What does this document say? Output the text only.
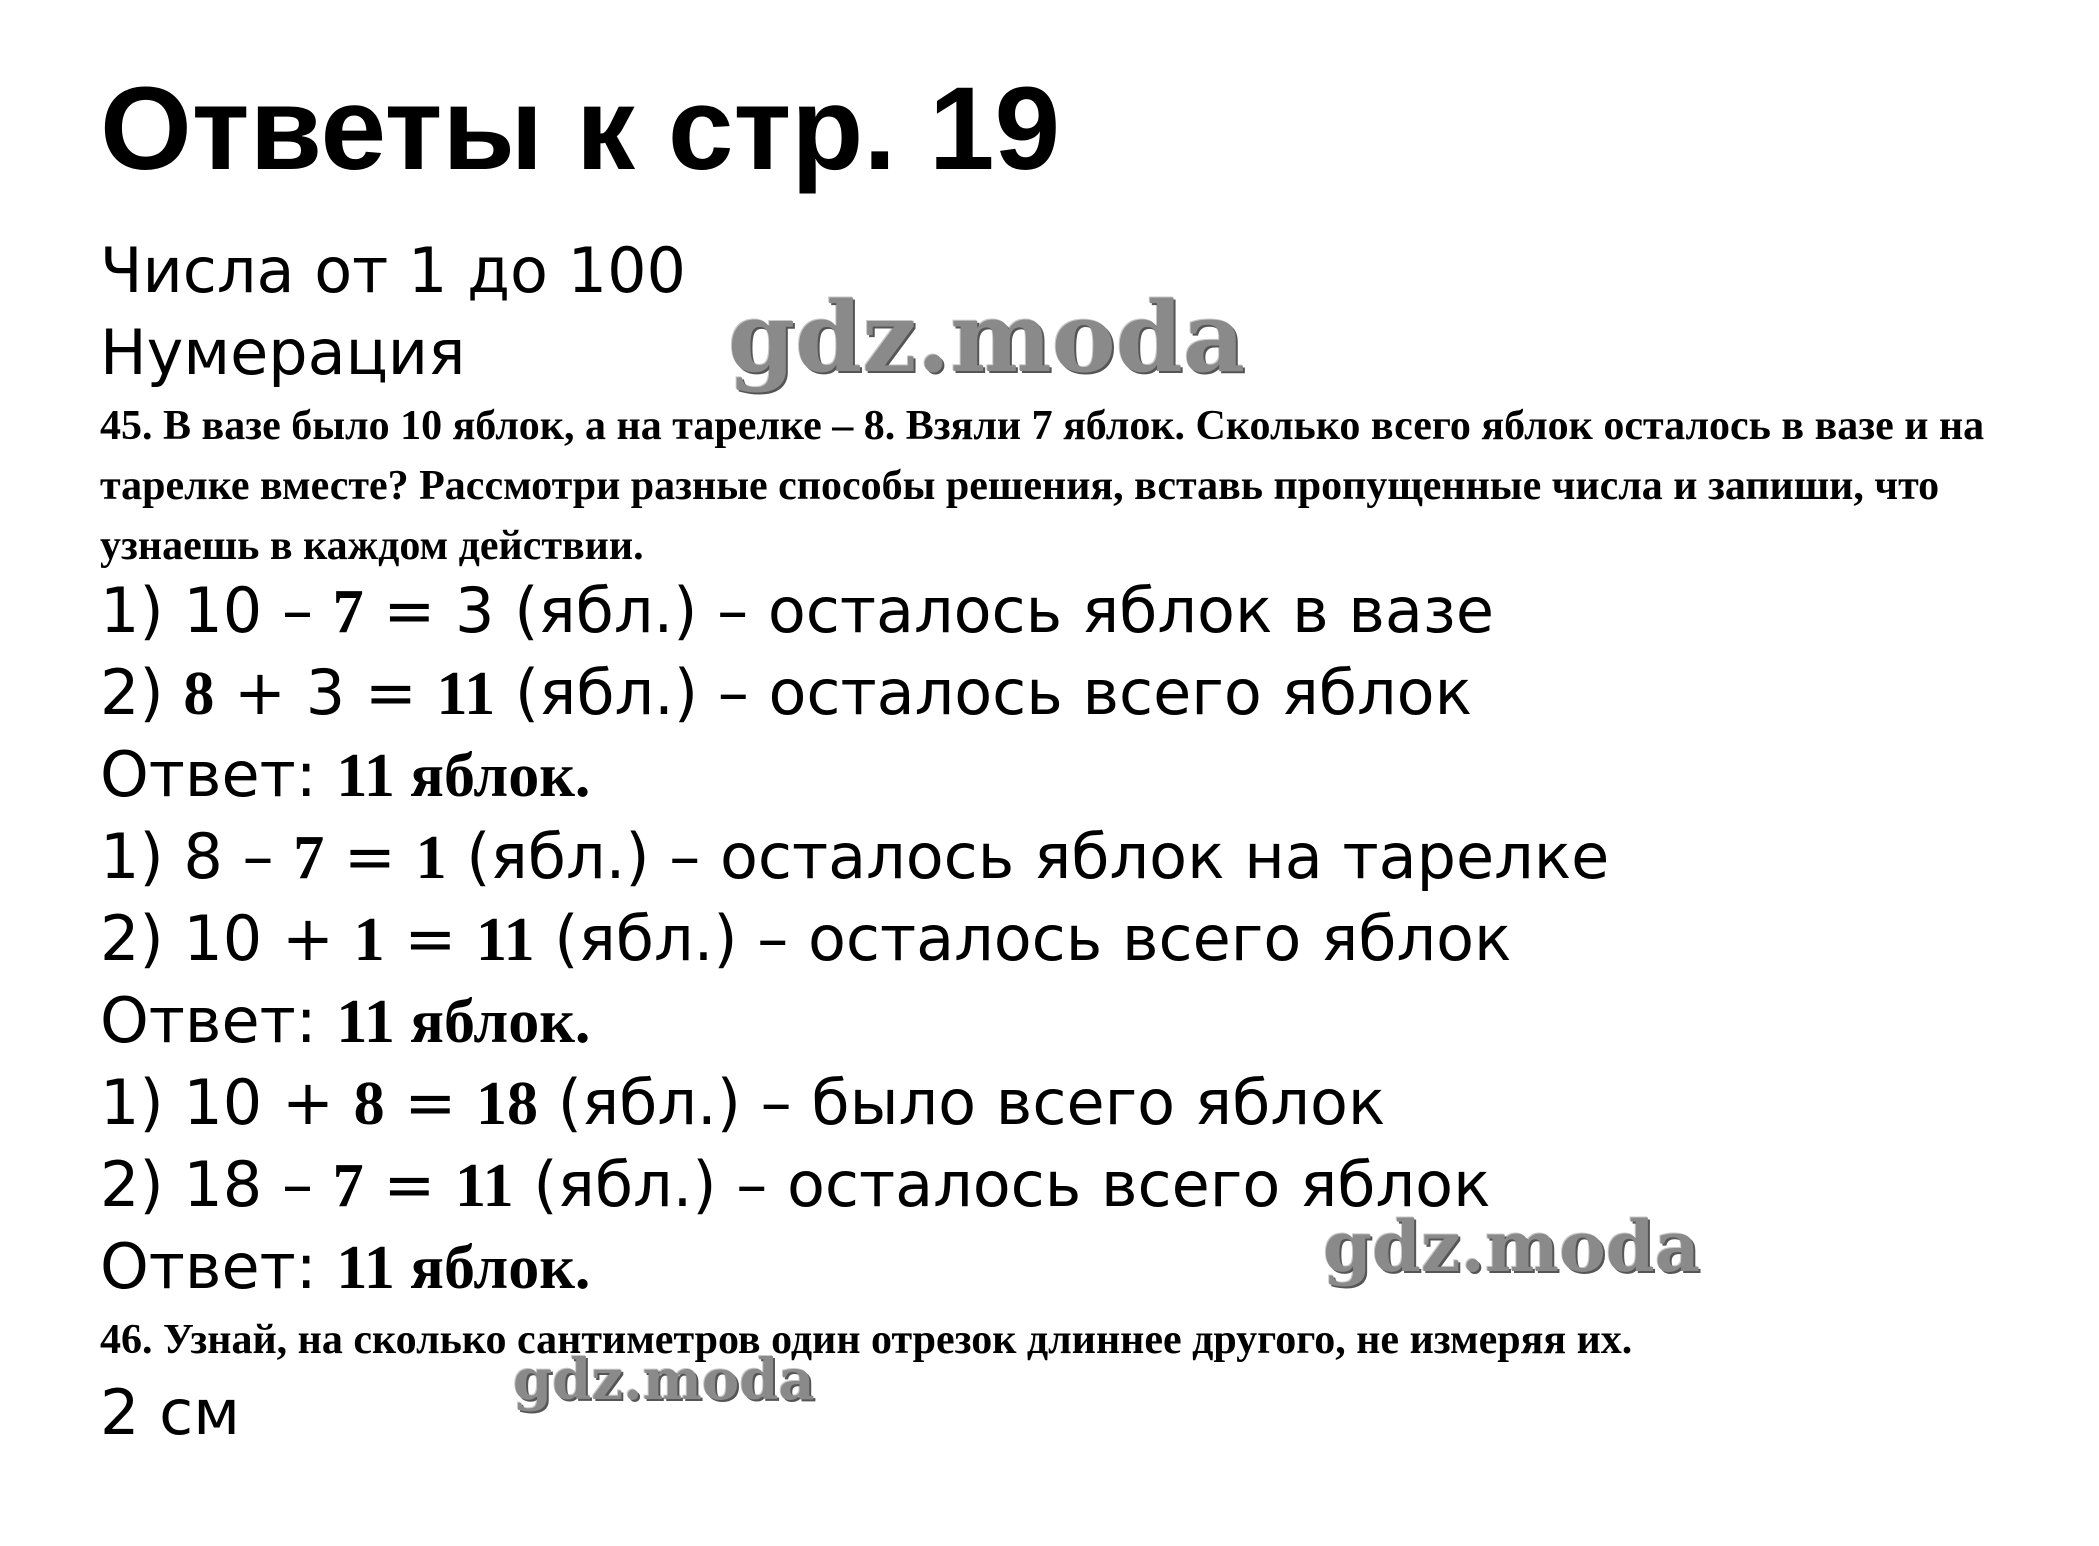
Ответы к стр. 19
Числа от 1 до 100
Нумерация
45. В вазе было 10 яблок, а на тарелке – 8. Взяли 7 яблок. Сколько всего яблок осталось в вазе и на тарелке вместе? Рассмотри разные способы решения, вставь пропущенные числа и запиши, что узнаешь в каждом действии.
1) 10 – 7 = 3 (ябл.) – осталось яблок в вазе
2) 8 + 3 = 11 (ябл.) – осталось всего яблок
Ответ: 11 яблок.
1) 8 – 7 = 1 (ябл.) – осталось яблок на тарелке
2) 10 + 1 = 11 (ябл.) – осталось всего яблок
Ответ: 11 яблок.
1) 10 + 8 = 18 (ябл.) – было всего яблок
2) 18 – 7 = 11 (ябл.) – осталось всего яблок
Ответ: 11 яблок.
46. Узнай, на сколько сантиметров один отрезок длиннее другого, не измеряя их.
2 см
gdz.moda
gdz.moda
gdz.moda
